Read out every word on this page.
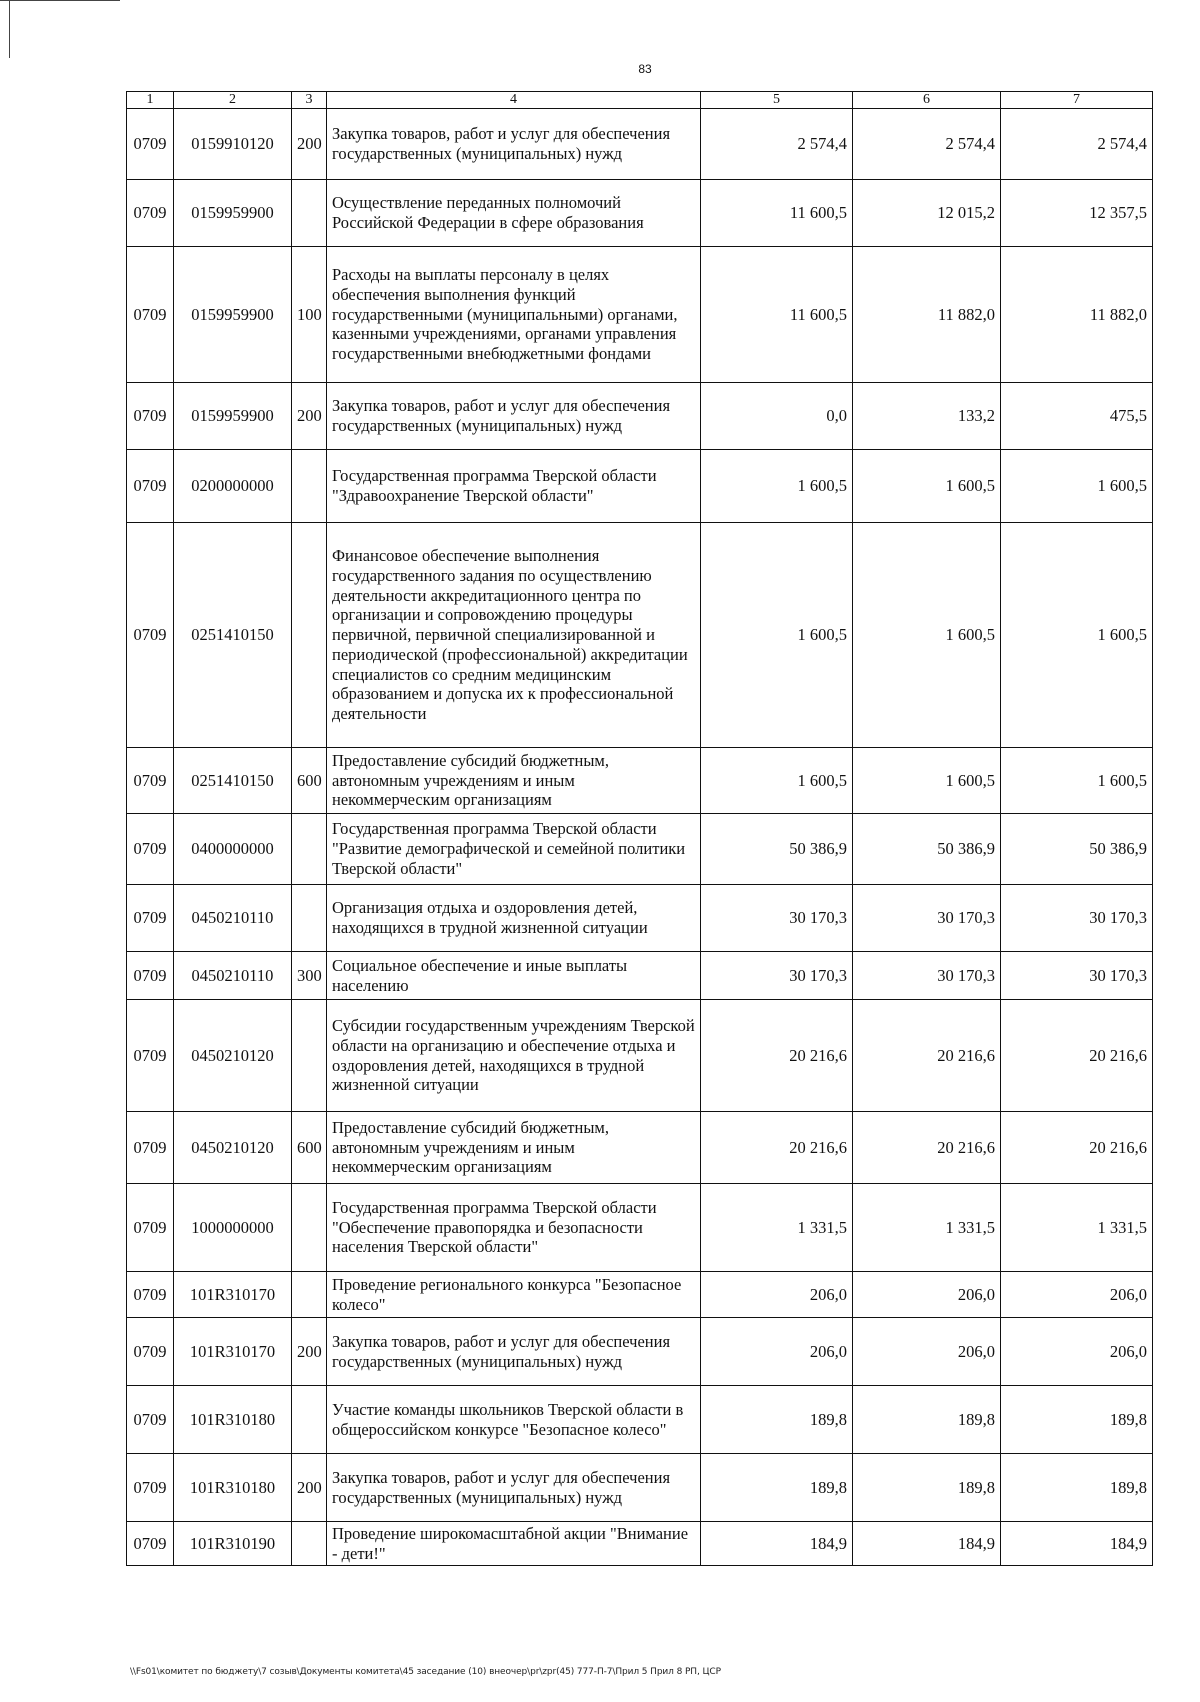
83
1	2	3	4	5	6	7
0709	0159910120	200	Закупка товаров, работ и услуг для обеспечения государственных (муниципальных) нужд	2 574,4	2 574,4	2 574,4
0709	0159959900		Осуществление переданных полномочий Российской Федерации в сфере образования	11 600,5	12 015,2	12 357,5
0709	0159959900	100	Расходы на выплаты персоналу в целях обеспечения выполнения функций государственными (муниципальными) органами, казенными учреждениями, органами управления государственными внебюджетными фондами	11 600,5	11 882,0	11 882,0
0709	0159959900	200	Закупка товаров, работ и услуг для обеспечения государственных (муниципальных) нужд	0,0	133,2	475,5
0709	0200000000		Государственная программа Тверской области "Здравоохранение Тверской области"	1 600,5	1 600,5	1 600,5
0709	0251410150		Финансовое обеспечение выполнения государственного задания по осуществлению деятельности аккредитационного центра по организации и сопровождению процедуры первичной, первичной специализированной и периодической (профессиональной) аккредитации специалистов со средним медицинским образованием и допуска их к профессиональной деятельности	1 600,5	1 600,5	1 600,5
0709	0251410150	600	Предоставление субсидий бюджетным, автономным учреждениям и иным некоммерческим организациям	1 600,5	1 600,5	1 600,5
0709	0400000000		Государственная программа Тверской области "Развитие демографической и семейной политики Тверской области"	50 386,9	50 386,9	50 386,9
0709	0450210110		Организация отдыха и оздоровления детей, находящихся в трудной жизненной ситуации	30 170,3	30 170,3	30 170,3
0709	0450210110	300	Социальное обеспечение и иные выплаты населению	30 170,3	30 170,3	30 170,3
0709	0450210120		Субсидии государственным учреждениям Тверской области на организацию и обеспечение отдыха и оздоровления детей, находящихся в трудной жизненной ситуации	20 216,6	20 216,6	20 216,6
0709	0450210120	600	Предоставление субсидий бюджетным, автономным учреждениям и иным некоммерческим организациям	20 216,6	20 216,6	20 216,6
0709	1000000000		Государственная программа Тверской области "Обеспечение правопорядка и безопасности населения Тверской области"	1 331,5	1 331,5	1 331,5
0709	101R310170		Проведение регионального конкурса "Безопасное колесо"	206,0	206,0	206,0
0709	101R310170	200	Закупка товаров, работ и услуг для обеспечения государственных (муниципальных) нужд	206,0	206,0	206,0
0709	101R310180		Участие команды школьников Тверской области в общероссийском конкурсе "Безопасное колесо"	189,8	189,8	189,8
0709	101R310180	200	Закупка товаров, работ и услуг для обеспечения государственных (муниципальных) нужд	189,8	189,8	189,8
0709	101R310190		Проведение широкомасштабной акции "Внимание - дети!"	184,9	184,9	184,9
\\Fs01\комитет по бюджету\7 созыв\Документы комитета\45 заседание (10) внеочер\pr\zpr(45) 777-П-7\Прил 5 Прил 8 РП, ЦСР
